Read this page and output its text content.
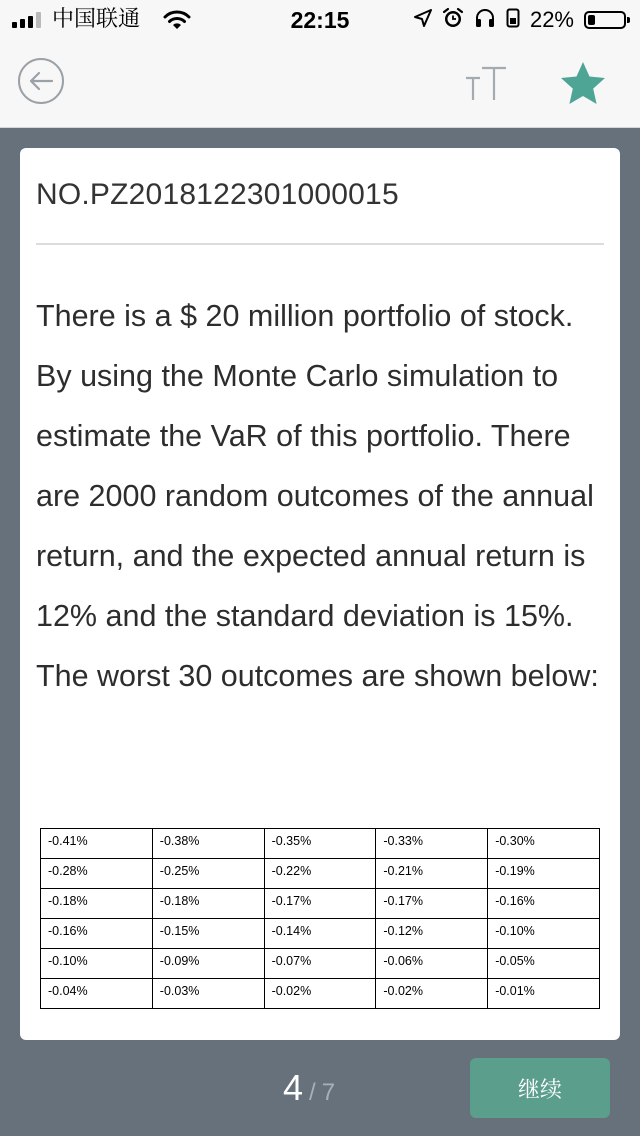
中国联通	22:15	22%
NO.PZ2018122301000015

There is a $ 20 million portfolio of stock. By using the Monte Carlo simulation to estimate the VaR of this portfolio. There are 2000 random outcomes of the annual return, and the expected annual return is 12% and the standard deviation is 15%.

The worst 30 outcomes are shown below:

-0.41%	-0.38%	-0.35%	-0.33%	-0.30%
-0.28%	-0.25%	-0.22%	-0.21%	-0.19%
-0.18%	-0.18%	-0.17%	-0.17%	-0.16%
-0.16%	-0.15%	-0.14%	-0.12%	-0.10%
-0.10%	-0.09%	-0.07%	-0.06%	-0.05%
-0.04%	-0.03%	-0.02%	-0.02%	-0.01%
4 / 7	继续
